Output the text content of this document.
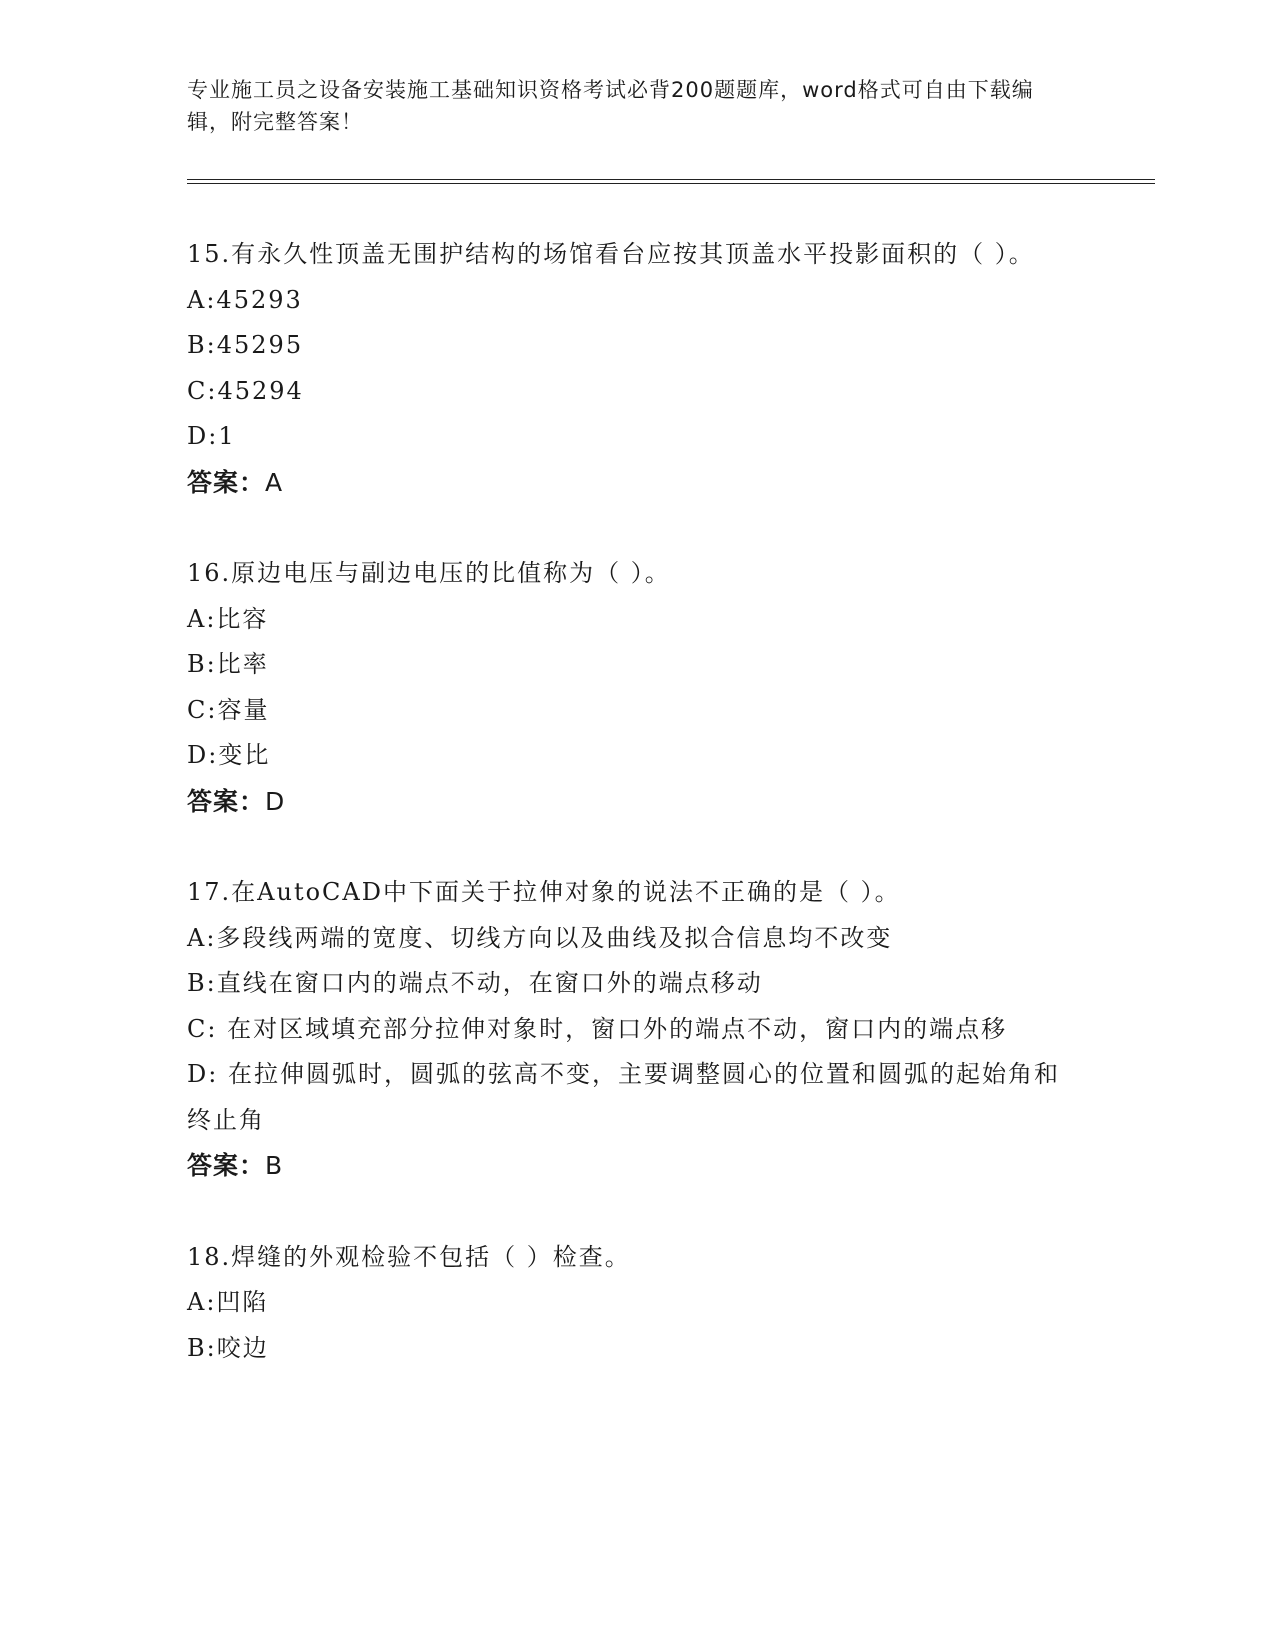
专业施工员之设备安装施工基础知识资格考试必背200题题库，word格式可自由下载编辑，附完整答案！

15.有永久性顶盖无围护结构的场馆看台应按其顶盖水平投影面积的（ ）。

A: 45293

B: 45295

C: 45294

D: 1

答案：A

16.原边电压与副边电压的比值称为（ ）。

A: 比容

B: 比率

C: 容量

D: 变比

答案：D

17.在AutoCAD中下面关于拉伸对象的说法不正确的是（ ）。

A: 多段线两端的宽度、切线方向以及曲线及拟合信息均不改变

B: 直线在窗口内的端点不动，在窗口外的端点移动

C: 在对区域填充部分拉伸对象时，窗口外的端点不动，窗口内的端点移

D: 在拉伸圆弧时，圆弧的弦高不变，主要调整圆心的位置和圆弧的起始角和终止角

答案：B

18.焊缝的外观检验不包括（ ）检查。

A: 凹陷

B: 咬边
